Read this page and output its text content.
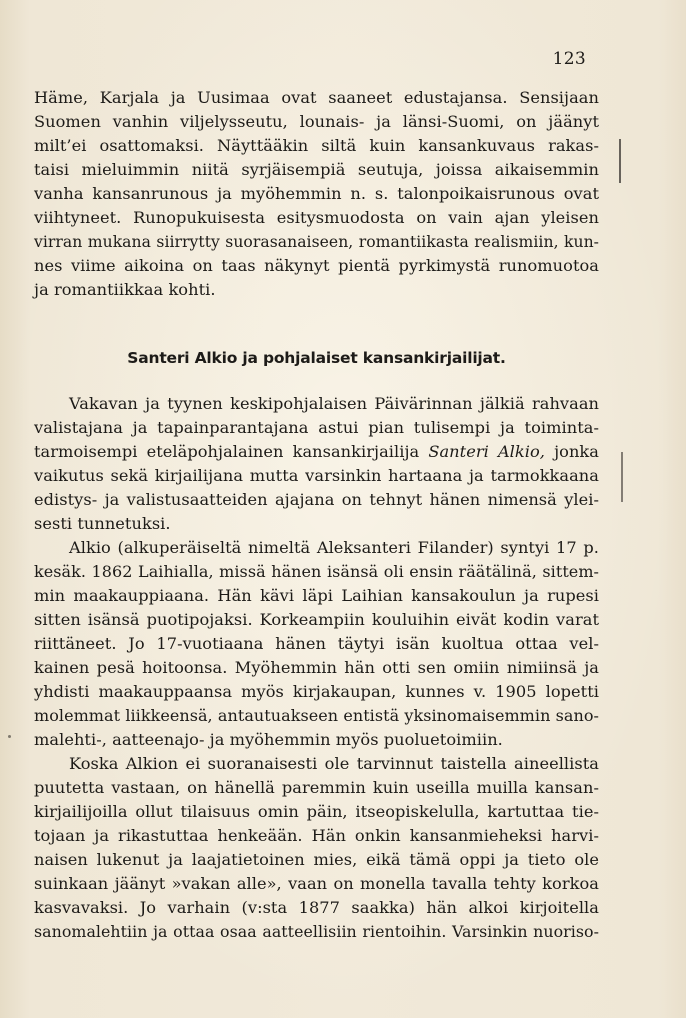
123
Häme, Karjala ja Uusimaa ovat saaneet edustajansa. Sensijaan
Suomen vanhin viljelysseutu, lounais- ja länsi-Suomi, on jäänyt
milt’ei osattomaksi. Näyttääkin siltä kuin kansankuvaus rakas-
taisi mieluimmin niitä syrjäisempiä seutuja, joissa aikaisemmin
vanha kansanrunous ja myöhemmin n. s. talonpoikaisrunous ovat
viihtyneet. Runopukuisesta esitysmuodosta on vain ajan yleisen
virran mukana siirrytty suorasanaiseen, romantiikasta realismiin, kun-
nes viime aikoina on taas näkynyt pientä pyrkimystä runomuotoa
ja romantiikkaa kohti.
Santeri Alkio ja pohjalaiset kansankirjailijat.
Vakavan ja tyynen keskipohjalaisen Päivärinnan jälkiä rahvaan
valistajana ja tapainparantajana astui pian tulisempi ja toiminta-
tarmoisempi eteläpohjalainen kansankirjailija Santeri Alkio, jonka
vaikutus sekä kirjailijana mutta varsinkin hartaana ja tarmokkaana
edistys- ja valistusaatteiden ajajana on tehnyt hänen nimensä ylei-
sesti tunnetuksi.
Alkio (alkuperäiseltä nimeltä Aleksanteri Filander) syntyi 17 p.
kesäk. 1862 Laihialla, missä hänen isänsä oli ensin räätälinä, sittem-
min maakauppiaana. Hän kävi läpi Laihian kansakoulun ja rupesi
sitten isänsä puotipojaksi. Korkeampiin kouluihin eivät kodin varat
riittäneet. Jo 17-vuotiaana hänen täytyi isän kuoltua ottaa vel-
kainen pesä hoitoonsa. Myöhemmin hän otti sen omiin nimiinsä ja
yhdisti maakauppaansa myös kirjakaupan, kunnes v. 1905 lopetti
molemmat liikkeensä, antautuakseen entistä yksinomaisemmin sano-
malehti-, aatteenajo- ja myöhemmin myös puoluetoimiin.
Koska Alkion ei suoranaisesti ole tarvinnut taistella aineellista
puutetta vastaan, on hänellä paremmin kuin useilla muilla kansan-
kirjailijoilla ollut tilaisuus omin päin, itseopiskelulla, kartuttaa tie-
tojaan ja rikastuttaa henkeään. Hän onkin kansanmieheksi harvi-
naisen lukenut ja laajatietoinen mies, eikä tämä oppi ja tieto ole
suinkaan jäänyt »vakan alle», vaan on monella tavalla tehty korkoa
kasvavaksi. Jo varhain (v:sta 1877 saakka) hän alkoi kirjoitella
sanomalehtiin ja ottaa osaa aatteellisiin rientoihin. Varsinkin nuoriso-
